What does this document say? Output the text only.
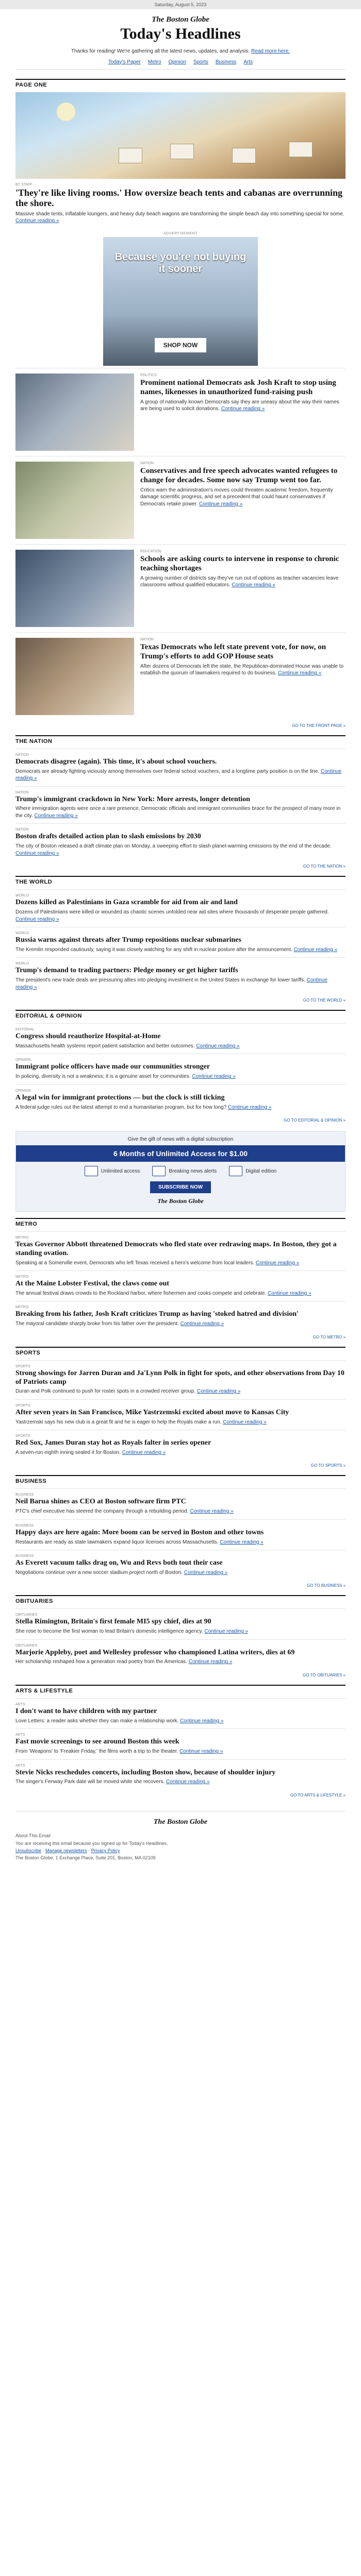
Saturday, August 5, 2023
The Boston Globe
Today's Headlines
Thanks for reading! We're gathering all the latest news, updates, and analysis. Read more here.
Today's Paper Metro Opinion Sports Business Arts
PAGE ONE
BY STAFF
'They're like living rooms.' How oversize beach tents and cabanas are overrunning the shore.
Massive shade tents, inflatable loungers, and heavy duty beach wagons are transforming the simple beach day into something special for some. Continue reading »
ADVERTISEMENT
Because you're not buying it sooner
SHOP NOW
POLITICS
Prominent national Democrats ask Josh Kraft to stop using names, likenesses in unauthorized fund-raising push
A group of nationally known Democrats say they are uneasy about the way their names are being used to solicit donations. Continue reading »
NATION
Conservatives and free speech advocates wanted refugees to change for decades. Some now say Trump went too far.
Critics warn the administration's moves could threaten academic freedom, frequently damage scientific progress, and set a precedent that could haunt conservatives if Democrats retake power. Continue reading »
EDUCATION
Schools are asking courts to intervene in response to chronic teaching shortages
A growing number of districts say they've run out of options as teacher vacancies leave classrooms without qualified educators. Continue reading »
NATION
Texas Democrats who left state prevent vote, for now, on Trump's efforts to add GOP House seats
After dozens of Democrats left the state, the Republican-dominated House was unable to establish the quorum of lawmakers required to do business. Continue reading »
GO TO THE FRONT PAGE »
THE NATION
NATION
Democrats disagree (again). This time, it's about school vouchers.
Democrats are already fighting viciously among themselves over federal school vouchers, and a longtime party position is on the line. Continue reading »
NATION
Trump's immigrant crackdown in New York: More arrests, longer detention
Where immigration agents were once a rare presence, Democratic officials and immigrant communities brace for the prospect of many more in the city. Continue reading »
NATION
Boston drafts detailed action plan to slash emissions by 2030
The city of Boston released a draft climate plan on Monday, a sweeping effort to slash planet-warming emissions by the end of the decade. Continue reading »
GO TO THE NATION »
THE WORLD
WORLD
Dozens killed as Palestinians in Gaza scramble for aid from air and land
Dozens of Palestinians were killed or wounded as chaotic scenes unfolded near aid sites where thousands of desperate people gathered. Continue reading »
WORLD
Russia warns against threats after Trump repositions nuclear submarines
The Kremlin responded cautiously, saying it was closely watching for any shift in nuclear posture after the announcement. Continue reading »
WORLD
Trump's demand to trading partners: Pledge money or get higher tariffs
The president's new trade deals are pressuring allies into pledging investment in the United States in exchange for lower tariffs. Continue reading »
GO TO THE WORLD »
EDITORIAL & OPINION
EDITORIAL
Congress should reauthorize Hospital-at-Home
Massachusetts health systems report patient satisfaction and better outcomes. Continue reading »
OPINION
Immigrant police officers have made our communities stronger
In policing, diversity is not a weakness; it is a genuine asset for communities. Continue reading »
OPINION
A legal win for immigrant protections — but the clock is still ticking
A federal judge rules out the latest attempt to end a humanitarian program, but for how long? Continue reading »
GO TO EDITORIAL & OPINION »
Give the gift of news with a digital subscription
6 Months of Unlimited Access for $1.00
Unlimited access	Breaking news alerts	Digital edition
SUBSCRIBE NOW
The Boston Globe
METRO
METRO
Texas Governor Abbott threatened Democrats who fled state over redrawing maps. In Boston, they got a standing ovation.
Speaking at a Somerville event, Democrats who left Texas received a hero's welcome from local leaders. Continue reading »
METRO
At the Maine Lobster Festival, the claws come out
The annual festival draws crowds to the Rockland harbor, where fishermen and cooks compete and celebrate. Continue reading »
METRO
Breaking from his father, Josh Kraft criticizes Trump as having 'stoked hatred and division'
The mayoral candidate sharply broke from his father over the president. Continue reading »
GO TO METRO »
SPORTS
SPORTS
Strong showings for Jarren Duran and Ja'Lynn Polk in fight for spots, and other observations from Day 10 of Patriots camp
Duran and Polk continued to push for roster spots in a crowded receiver group. Continue reading »
SPORTS
After seven years in San Francisco, Mike Yastrzemski excited about move to Kansas City
Yastrzemski says his new club is a great fit and he is eager to help the Royals make a run. Continue reading »
SPORTS
Red Sox, James Duran stay hot as Royals falter in series opener
A seven-run eighth inning sealed it for Boston. Continue reading »
GO TO SPORTS »
BUSINESS
BUSINESS
Neil Barua shines as CEO at Boston software firm PTC
PTC's chief executive has steered the company through a rebuilding period. Continue reading »
BUSINESS
Happy days are here again: More boom can be served in Boston and other towns
Restaurants are ready as state lawmakers expand liquor licenses across Massachusetts. Continue reading »
BUSINESS
As Everett vacuum talks drag on, Wu and Revs both tout their case
Negotiations continue over a new soccer stadium project north of Boston. Continue reading »
GO TO BUSINESS »
OBITUARIES
OBITUARIES
Stella Rimington, Britain's first female MI5 spy chief, dies at 90
She rose to become the first woman to lead Britain's domestic intelligence agency. Continue reading »
OBITUARIES
Marjorie Appleby, poet and Wellesley professor who championed Latina writers, dies at 69
Her scholarship reshaped how a generation read poetry from the Americas. Continue reading »
GO TO OBITUARIES »
ARTS & LIFESTYLE
ARTS
I don't want to have children with my partner
Love Letters: a reader asks whether they can make a relationship work. Continue reading »
ARTS
Fast movie screenings to see around Boston this week
From 'Weapons' to 'Freakier Friday,' the films worth a trip to the theater. Continue reading »
ARTS
Stevie Nicks reschedules concerts, including Boston show, because of shoulder injury
The singer's Fenway Park date will be moved while she recovers. Continue reading »
GO TO ARTS & LIFESTYLE »
The Boston Globe
About This Email
You are receiving this email because you signed up for Today's Headlines.
Unsubscribe · Manage newsletters · Privacy Policy
The Boston Globe, 1 Exchange Place, Suite 201, Boston, MA 02109
